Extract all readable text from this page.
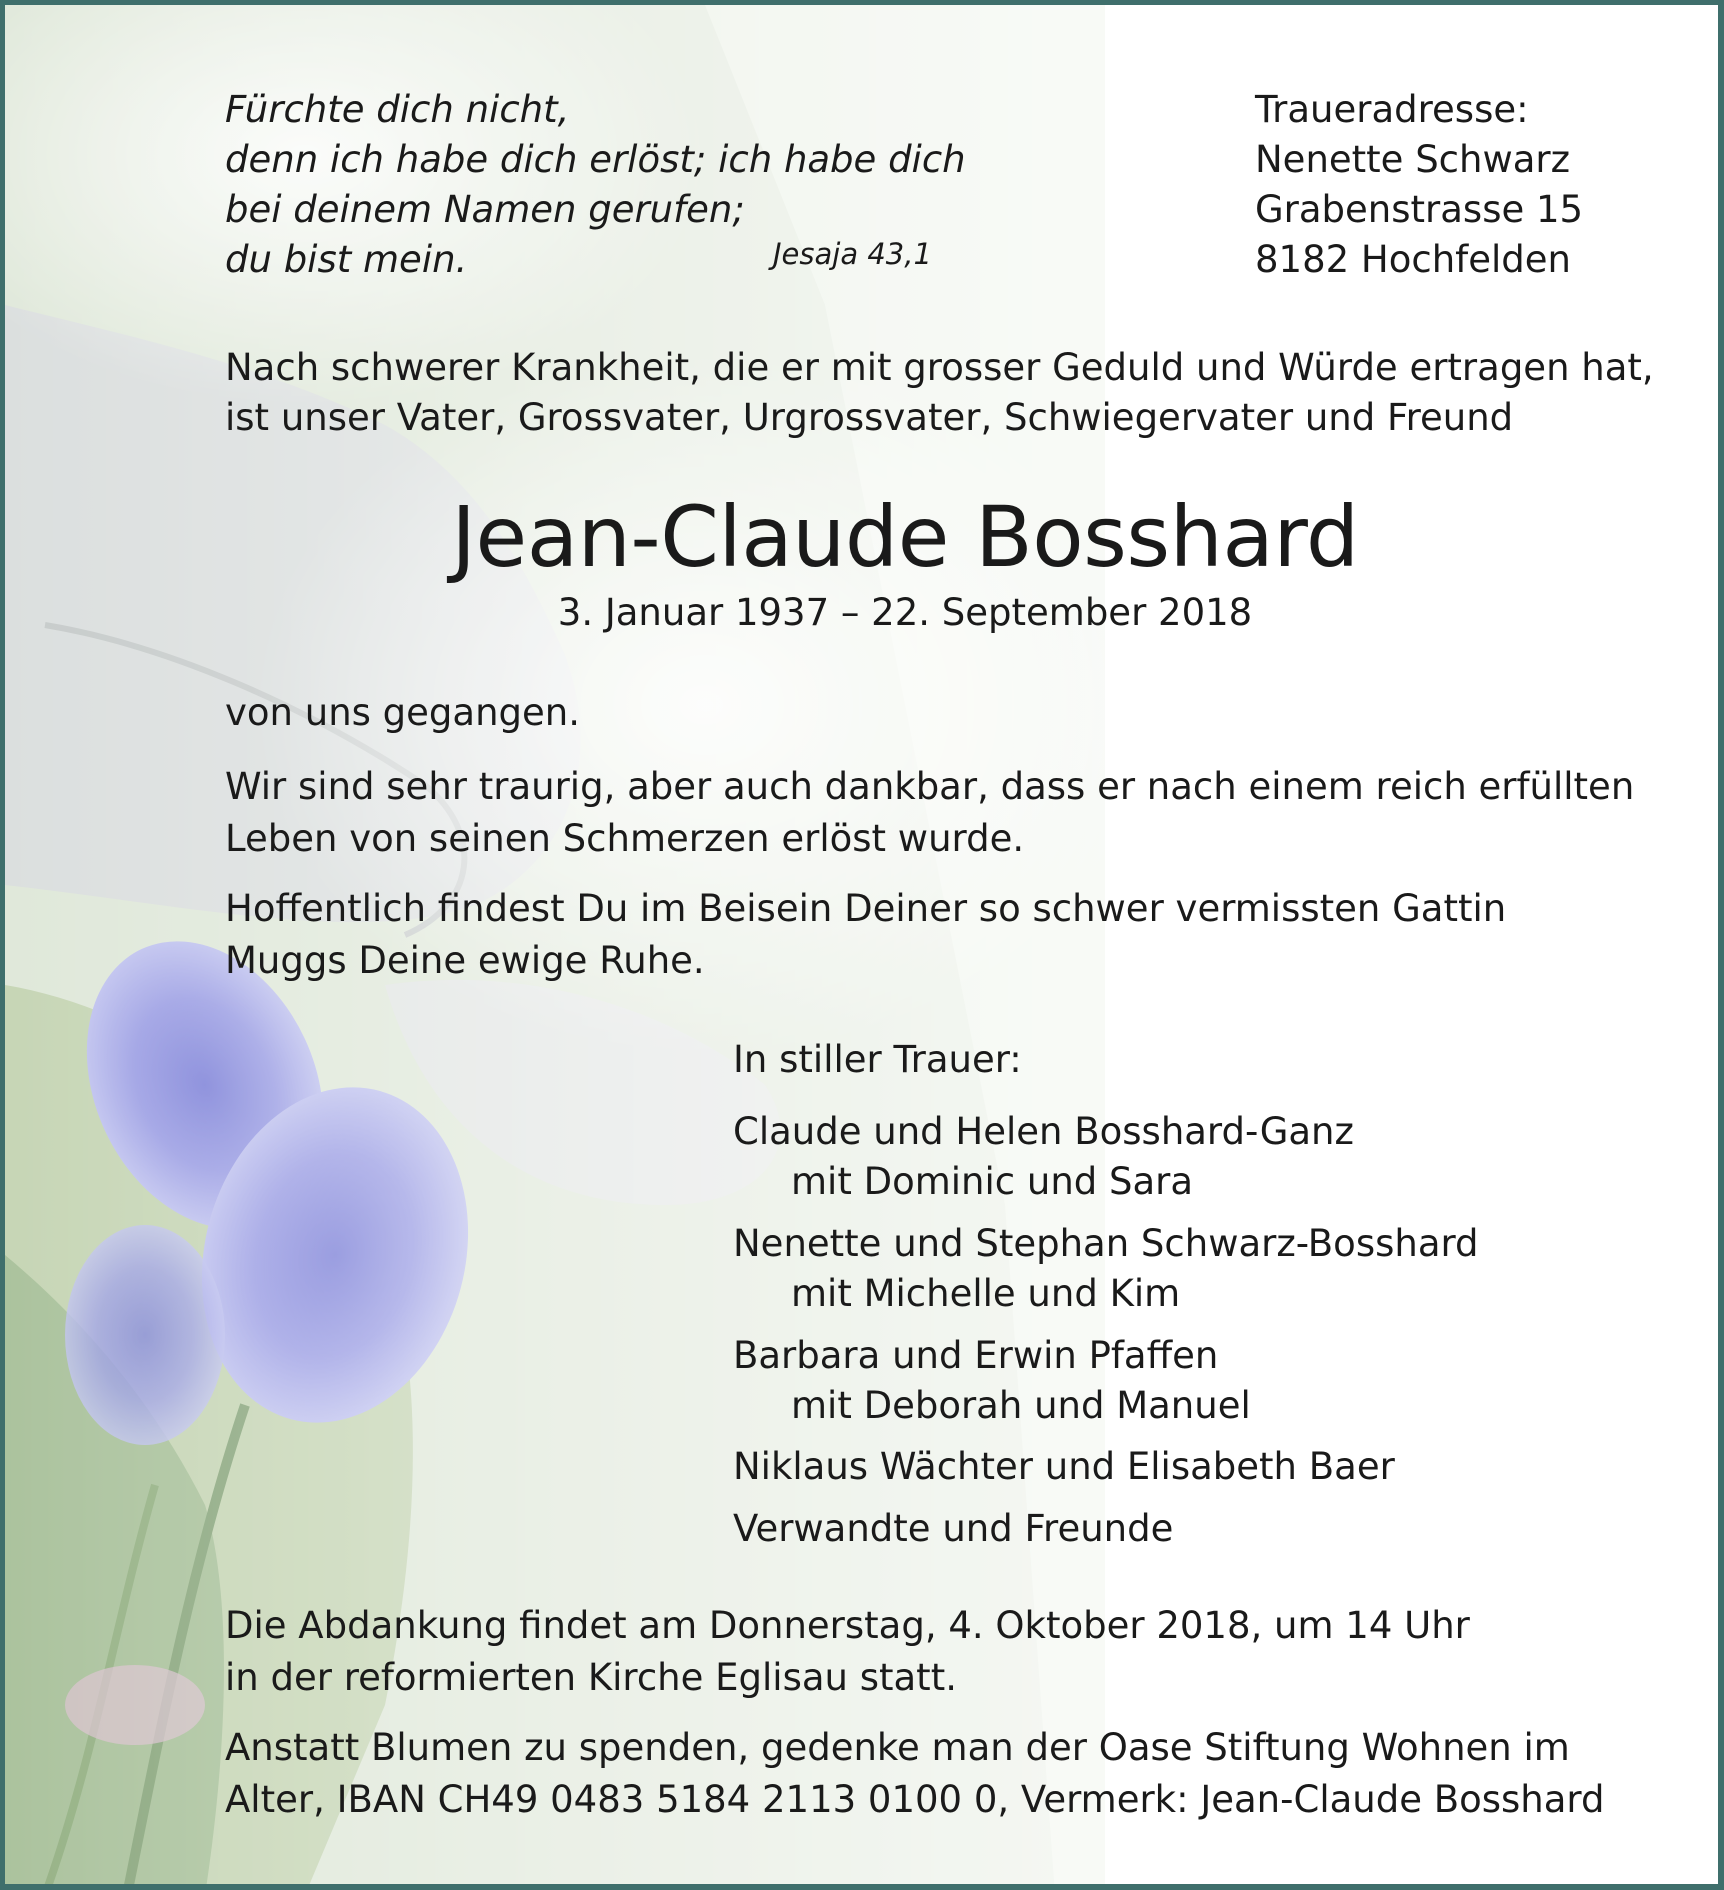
Fürchte dich nicht,
denn ich habe dich erlöst; ich habe dich
bei deinem Namen gerufen;
du bist mein.	Jesaja 43,1
Traueradresse:
Nenette Schwarz
Grabenstrasse 15
8182 Hochfelden
Nach schwerer Krankheit, die er mit grosser Geduld und Würde ertragen hat,
ist unser Vater, Grossvater, Urgrossvater, Schwiegervater und Freund
Jean-Claude Bosshard
3. Januar 1937 – 22. September 2018
von uns gegangen.
Wir sind sehr traurig, aber auch dankbar, dass er nach einem reich erfüllten
Leben von seinen Schmerzen erlöst wurde.
Hoffentlich findest Du im Beisein Deiner so schwer vermissten Gattin
Muggs Deine ewige Ruhe.
In stiller Trauer:
Claude und Helen Bosshard-Ganz
mit Dominic und Sara
Nenette und Stephan Schwarz-Bosshard
mit Michelle und Kim
Barbara und Erwin Pfaffen
mit Deborah und Manuel
Niklaus Wächter und Elisabeth Baer
Verwandte und Freunde
Die Abdankung findet am Donnerstag, 4. Oktober 2018, um 14 Uhr
in der reformierten Kirche Eglisau statt.
Anstatt Blumen zu spenden, gedenke man der Oase Stiftung Wohnen im
Alter, IBAN CH49 0483 5184 2113 0100 0, Vermerk: Jean-Claude Bosshard
